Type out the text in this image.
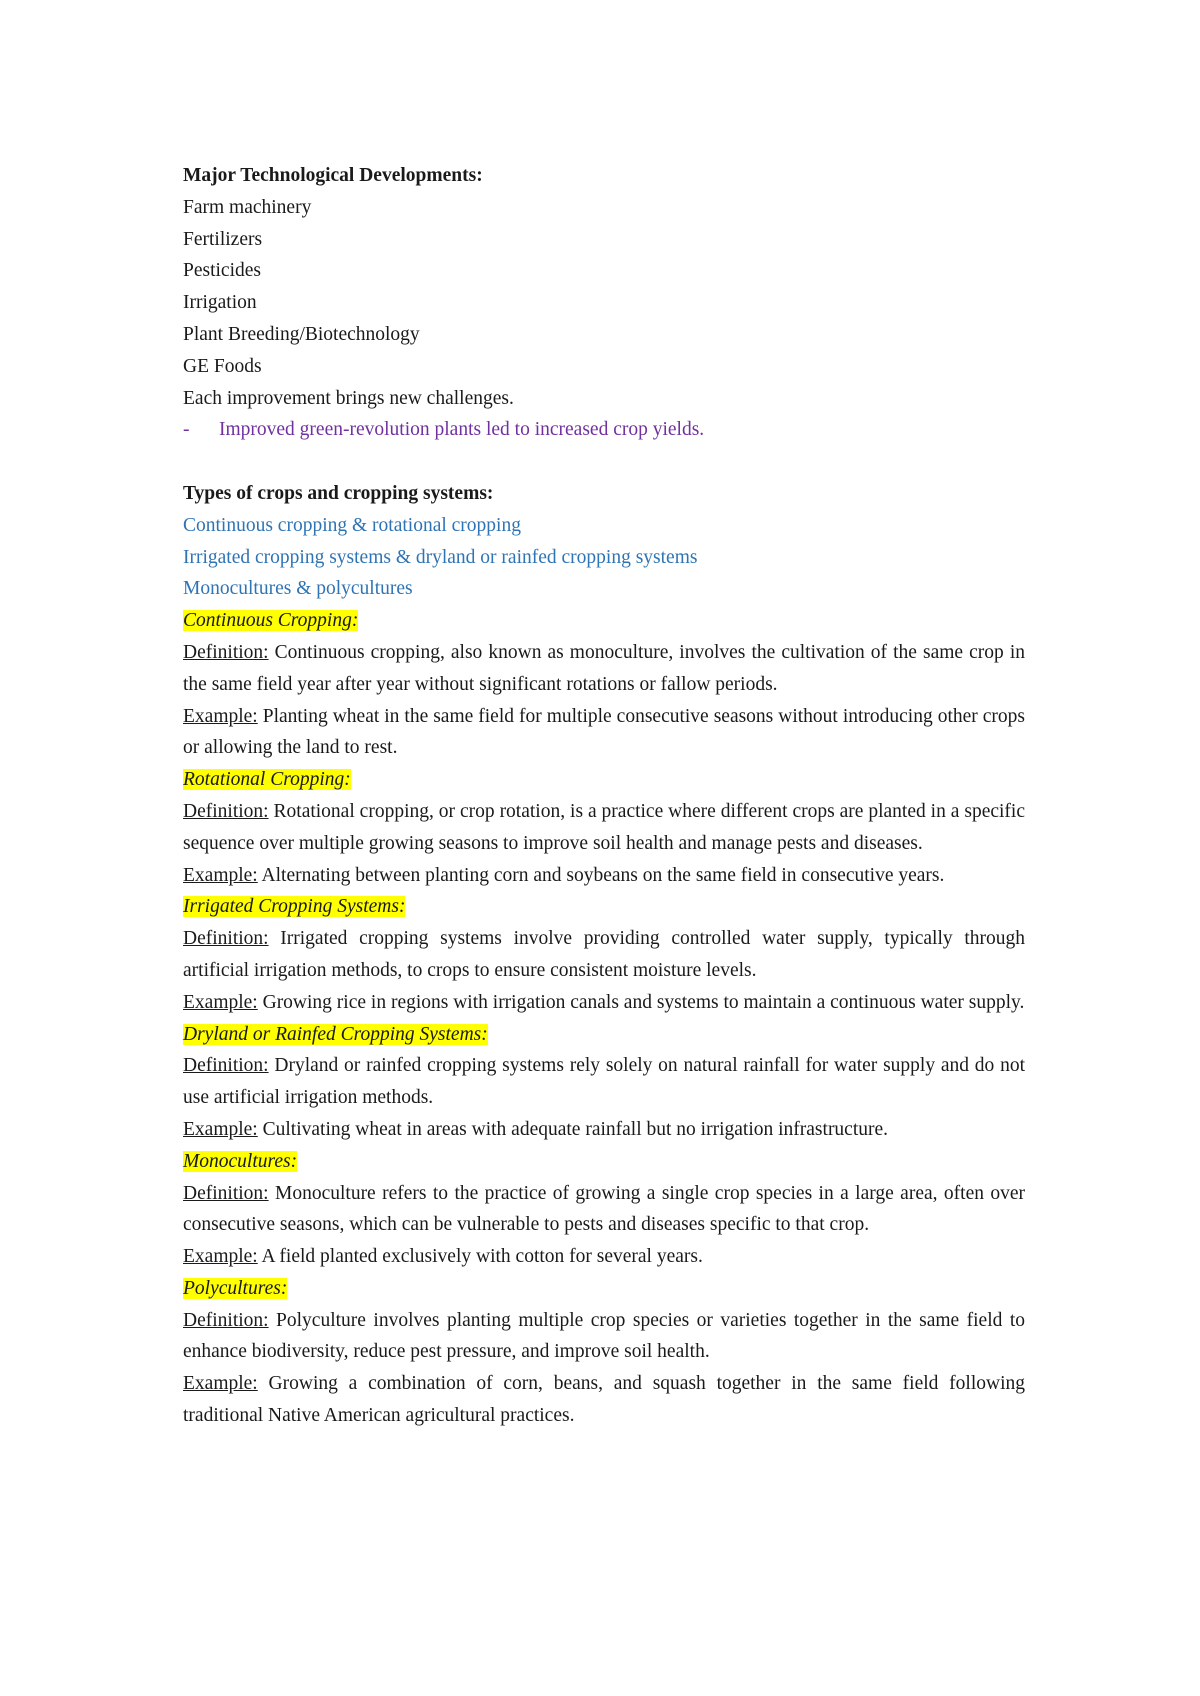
Major Technological Developments:

Farm machinery

Fertilizers

Pesticides

Irrigation

Plant Breeding/Biotechnology

GE Foods

Each improvement brings new challenges.

- Improved green-revolution plants led to increased crop yields.

Types of crops and cropping systems:

Continuous cropping & rotational cropping

Irrigated cropping systems & dryland or rainfed cropping systems

Monocultures & polycultures

Continuous Cropping:

Definition: Continuous cropping, also known as monoculture, involves the cultivation of the same crop in the same field year after year without significant rotations or fallow periods.

Example: Planting wheat in the same field for multiple consecutive seasons without introducing other crops or allowing the land to rest.

Rotational Cropping:

Definition: Rotational cropping, or crop rotation, is a practice where different crops are planted in a specific sequence over multiple growing seasons to improve soil health and manage pests and diseases.

Example: Alternating between planting corn and soybeans on the same field in consecutive years.

Irrigated Cropping Systems:

Definition: Irrigated cropping systems involve providing controlled water supply, typically through artificial irrigation methods, to crops to ensure consistent moisture levels.

Example: Growing rice in regions with irrigation canals and systems to maintain a continuous water supply.

Dryland or Rainfed Cropping Systems:

Definition: Dryland or rainfed cropping systems rely solely on natural rainfall for water supply and do not use artificial irrigation methods.

Example: Cultivating wheat in areas with adequate rainfall but no irrigation infrastructure.

Monocultures:

Definition: Monoculture refers to the practice of growing a single crop species in a large area, often over consecutive seasons, which can be vulnerable to pests and diseases specific to that crop.

Example: A field planted exclusively with cotton for several years.

Polycultures:

Definition: Polyculture involves planting multiple crop species or varieties together in the same field to enhance biodiversity, reduce pest pressure, and improve soil health.

Example: Growing a combination of corn, beans, and squash together in the same field following traditional Native American agricultural practices.
